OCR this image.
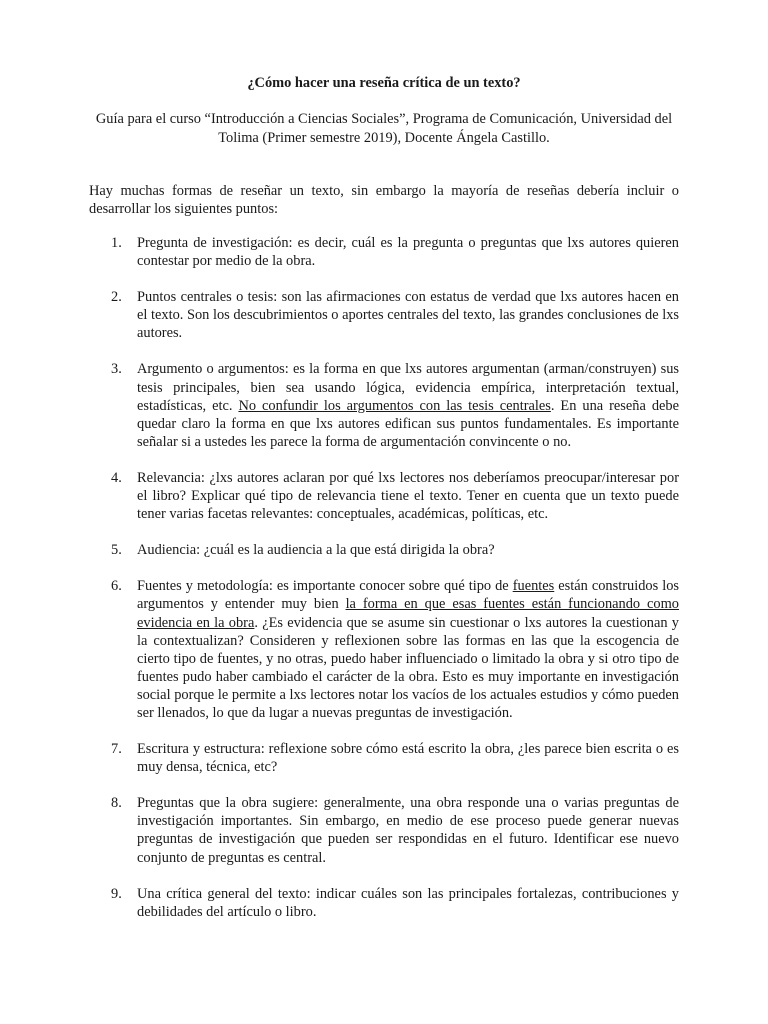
¿Cómo hacer una reseña crítica de un texto?
Guía para el curso “Introducción a Ciencias Sociales”, Programa de Comunicación, Universidad del Tolima (Primer semestre 2019), Docente Ángela Castillo.
Hay muchas formas de reseñar un texto, sin embargo la mayoría de reseñas debería incluir o desarrollar los siguientes puntos:
1. Pregunta de investigación: es decir, cuál es la pregunta o preguntas que lxs autores quieren contestar por medio de la obra.
2. Puntos centrales o tesis: son las afirmaciones con estatus de verdad que lxs autores hacen en el texto. Son los descubrimientos o aportes centrales del texto, las grandes conclusiones de lxs autores.
3. Argumento o argumentos: es la forma en que lxs autores argumentan (arman/construyen) sus tesis principales, bien sea usando lógica, evidencia empírica, interpretación textual, estadísticas, etc. No confundir los argumentos con las tesis centrales. En una reseña debe quedar claro la forma en que lxs autores edifican sus puntos fundamentales. Es importante señalar si a ustedes les parece la forma de argumentación convincente o no.
4. Relevancia: ¿lxs autores aclaran por qué lxs lectores nos deberíamos preocupar/interesar por el libro? Explicar qué tipo de relevancia tiene el texto. Tener en cuenta que un texto puede tener varias facetas relevantes: conceptuales, académicas, políticas, etc.
5. Audiencia: ¿cuál es la audiencia a la que está dirigida la obra?
6. Fuentes y metodología: es importante conocer sobre qué tipo de fuentes están construidos los argumentos y entender muy bien la forma en que esas fuentes están funcionando como evidencia en la obra. ¿Es evidencia que se asume sin cuestionar o lxs autores la cuestionan y la contextualizan? Consideren y reflexionen sobre las formas en las que la escogencia de cierto tipo de fuentes, y no otras, puedo haber influenciado o limitado la obra y si otro tipo de fuentes pudo haber cambiado el carácter de la obra. Esto es muy importante en investigación social porque le permite a lxs lectores notar los vacíos de los actuales estudios y cómo pueden ser llenados, lo que da lugar a nuevas preguntas de investigación.
7. Escritura y estructura: reflexione sobre cómo está escrito la obra, ¿les parece bien escrita o es muy densa, técnica, etc?
8. Preguntas que la obra sugiere: generalmente, una obra responde una o varias preguntas de investigación importantes. Sin embargo, en medio de ese proceso puede generar nuevas preguntas de investigación que pueden ser respondidas en el futuro. Identificar ese nuevo conjunto de preguntas es central.
9. Una crítica general del texto: indicar cuáles son las principales fortalezas, contribuciones y debilidades del artículo o libro.
